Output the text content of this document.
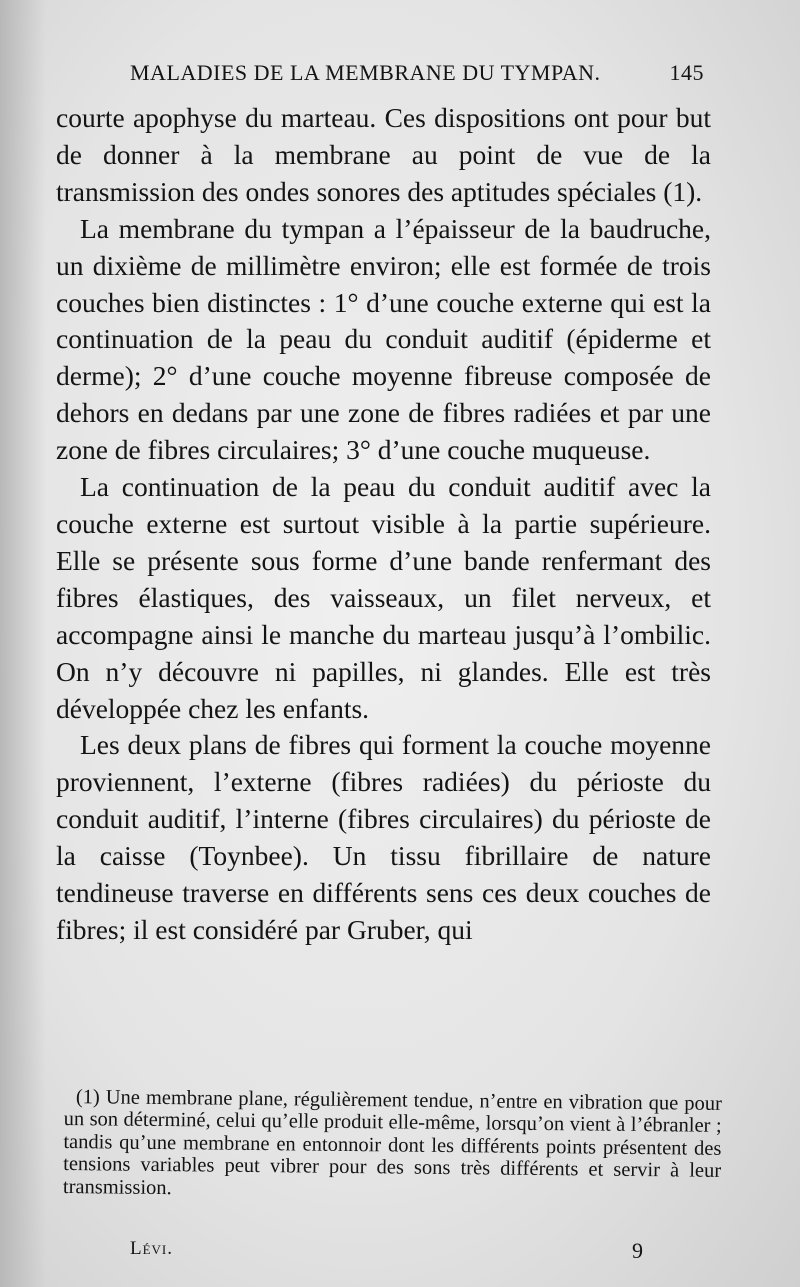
MALADIES DE LA MEMBRANE DU TYMPAN.	145

courte apophyse du marteau. Ces dispositions ont pour but de donner à la membrane au point de vue de la transmission des ondes sonores des aptitudes spéciales (1).

La membrane du tympan a l’épaisseur de la baudruche, un dixième de millimètre environ; elle est formée de trois couches bien distinctes : 1° d’une couche externe qui est la continuation de la peau du conduit auditif (épiderme et derme); 2° d’une couche moyenne fibreuse composée de dehors en dedans par une zone de fibres radiées et par une zone de fibres circulaires; 3° d’une couche muqueuse.

La continuation de la peau du conduit auditif avec la couche externe est surtout visible à la partie supérieure. Elle se présente sous forme d’une bande renfermant des fibres élastiques, des vaisseaux, un filet nerveux, et accompagne ainsi le manche du marteau jusqu’à l’ombilic. On n’y découvre ni papilles, ni glandes. Elle est très développée chez les enfants.

Les deux plans de fibres qui forment la couche moyenne proviennent, l’externe (fibres radiées) du périoste du conduit auditif, l’interne (fibres circulaires) du périoste de la caisse (Toynbee). Un tissu fibrillaire de nature tendineuse traverse en différents sens ces deux couches de fibres; il est considéré par Gruber, qui

(1) Une membrane plane, régulièrement tendue, n’entre en vibration que pour un son déterminé, celui qu’elle produit elle-même, lorsqu’on vient à l’ébranler ; tandis qu’une membrane en entonnoir dont les différents points présentent des tensions variables peut vibrer pour des sons très différents et servir à leur transmission.

Lévi.	9
